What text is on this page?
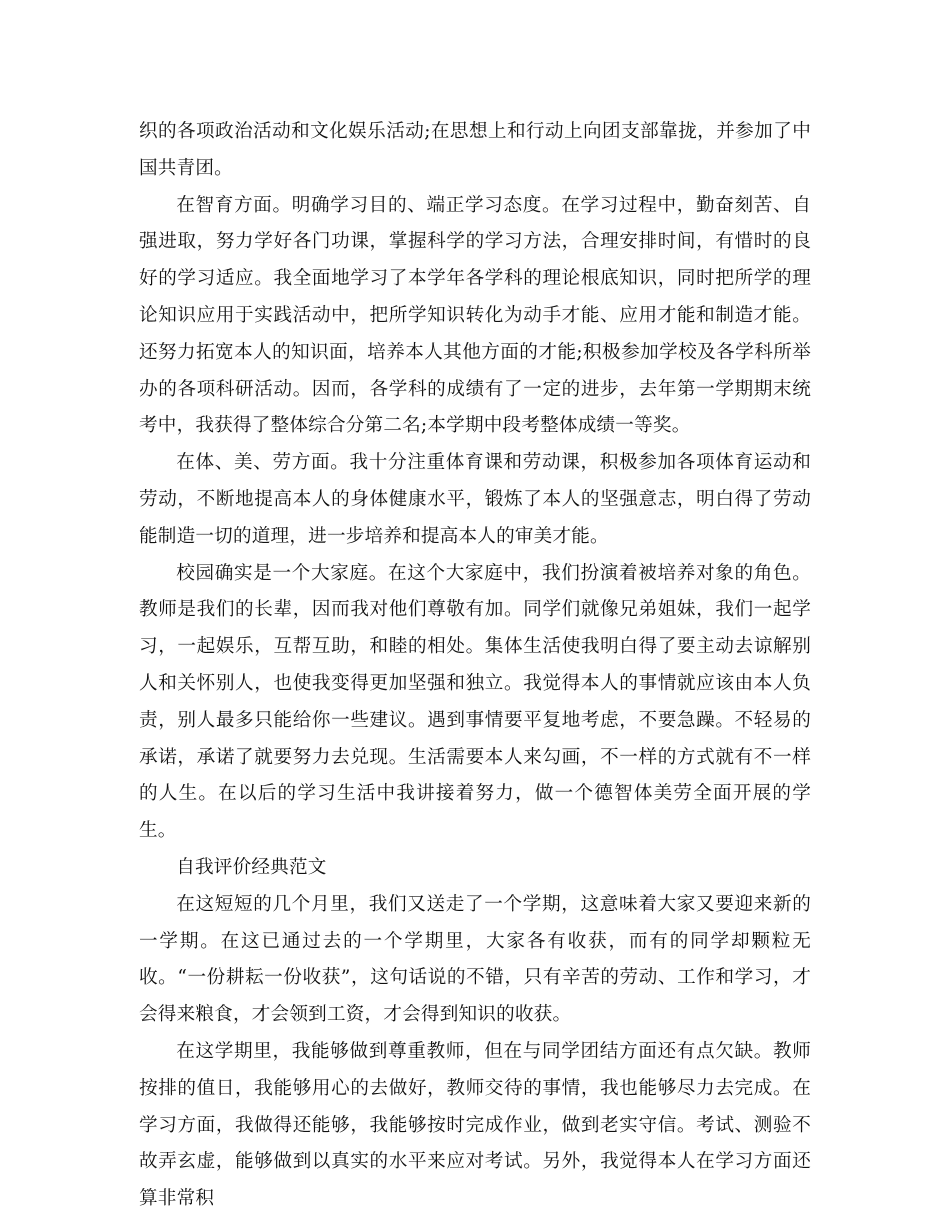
织的各项政治活动和文化娱乐活动;在思想上和行动上向团支部靠拢，并参加了中国共青团。

在智育方面。明确学习目的、端正学习态度。在学习过程中，勤奋刻苦、自强进取，努力学好各门功课，掌握科学的学习方法，合理安排时间，有惜时的良好的学习适应。我全面地学习了本学年各学科的理论根底知识，同时把所学的理论知识应用于实践活动中，把所学知识转化为动手才能、应用才能和制造才能。还努力拓宽本人的知识面，培养本人其他方面的才能;积极参加学校及各学科所举办的各项科研活动。因而，各学科的成绩有了一定的进步，去年第一学期期末统考中，我获得了整体综合分第二名;本学期中段考整体成绩一等奖。

在体、美、劳方面。我十分注重体育课和劳动课，积极参加各项体育运动和劳动，不断地提高本人的身体健康水平，锻炼了本人的坚强意志，明白得了劳动能制造一切的道理，进一步培养和提高本人的审美才能。

校园确实是一个大家庭。在这个大家庭中，我们扮演着被培养对象的角色。教师是我们的长辈，因而我对他们尊敬有加。同学们就像兄弟姐妹，我们一起学习，一起娱乐，互帮互助，和睦的相处。集体生活使我明白得了要主动去谅解别人和关怀别人，也使我变得更加坚强和独立。我觉得本人的事情就应该由本人负责，别人最多只能给你一些建议。遇到事情要平复地考虑，不要急躁。不轻易的承诺，承诺了就要努力去兑现。生活需要本人来勾画，不一样的方式就有不一样的人生。在以后的学习生活中我讲接着努力，做一个德智体美劳全面开展的学生。

自我评价经典范文

在这短短的几个月里，我们又送走了一个学期，这意味着大家又要迎来新的一学期。在这已通过去的一个学期里，大家各有收获，而有的同学却颗粒无收。“一份耕耘一份收获”，这句话说的不错，只有辛苦的劳动、工作和学习，才会得来粮食，才会领到工资，才会得到知识的收获。

在这学期里，我能够做到尊重教师，但在与同学团结方面还有点欠缺。教师按排的值日，我能够用心的去做好，教师交待的事情，我也能够尽力去完成。在学习方面，我做得还能够，我能够按时完成作业，做到老实守信。考试、测验不故弄玄虚，能够做到以真实的水平来应对考试。另外，我觉得本人在学习方面还算非常积
